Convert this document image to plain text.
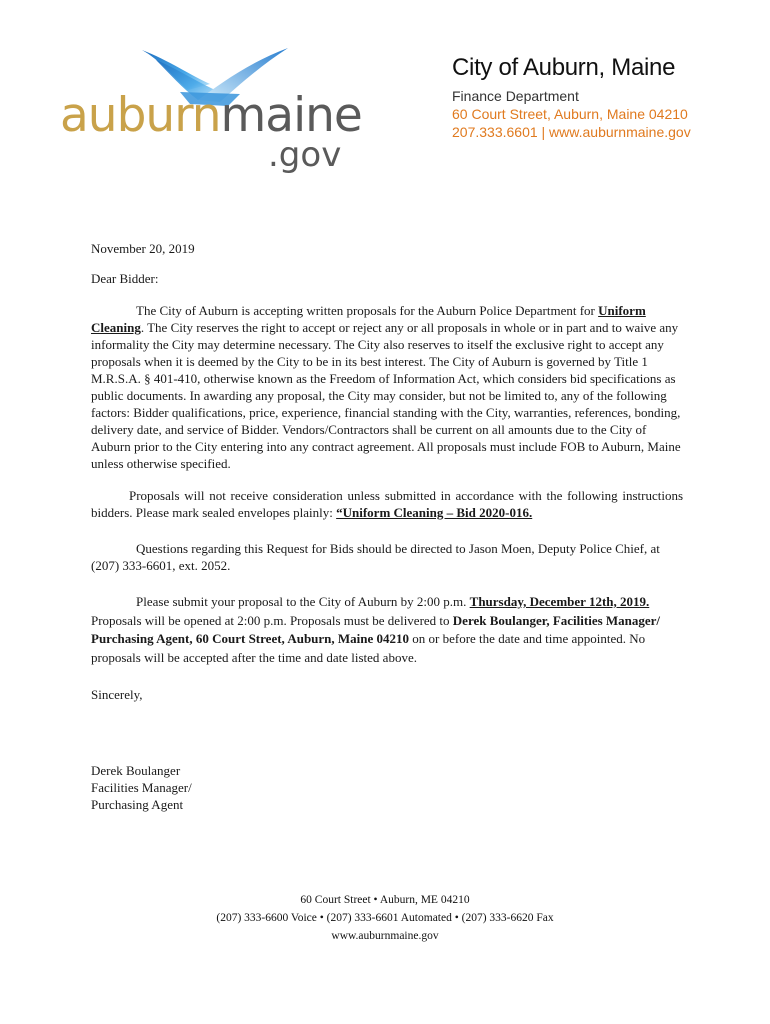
auburnmaine
.gov

City of Auburn, Maine

Finance Department

60 Court Street, Auburn, Maine 04210

207.333.6601 | www.auburnmaine.gov

November 20, 2019

Dear Bidder:

The City of Auburn is accepting written proposals for the Auburn Police Department for Uniform Cleaning. The City reserves the right to accept or reject any or all proposals in whole or in part and to waive any informality the City may determine necessary. The City also reserves to itself the exclusive right to accept any proposals when it is deemed by the City to be in its best interest. The City of Auburn is governed by Title 1 M.R.S.A. § 401-410, otherwise known as the Freedom of Information Act, which considers bid specifications as public documents. In awarding any proposal, the City may consider, but not be limited to, any of the following factors: Bidder qualifications, price, experience, financial standing with the City, warranties, references, bonding, delivery date, and service of Bidder. Vendors/Contractors shall be current on all amounts due to the City of Auburn prior to the City entering into any contract agreement. All proposals must include FOB to Auburn, Maine unless otherwise specified.

Proposals will not receive consideration unless submitted in accordance with the following instructions bidders. Please mark sealed envelopes plainly: “Uniform Cleaning – Bid 2020-016.

Questions regarding this Request for Bids should be directed to Jason Moen, Deputy Police Chief, at (207) 333-6601, ext. 2052.

Please submit your proposal to the City of Auburn by 2:00 p.m. Thursday, December 12th, 2019. Proposals will be opened at 2:00 p.m. Proposals must be delivered to Derek Boulanger, Facilities Manager/ Purchasing Agent, 60 Court Street, Auburn, Maine 04210 on or before the date and time appointed. No proposals will be accepted after the time and date listed above.

Sincerely,

Derek Boulanger

Facilities Manager/

Purchasing Agent

60 Court Street • Auburn, ME 04210

(207) 333-6600 Voice • (207) 333-6601 Automated • (207) 333-6620 Fax

www.auburnmaine.gov
